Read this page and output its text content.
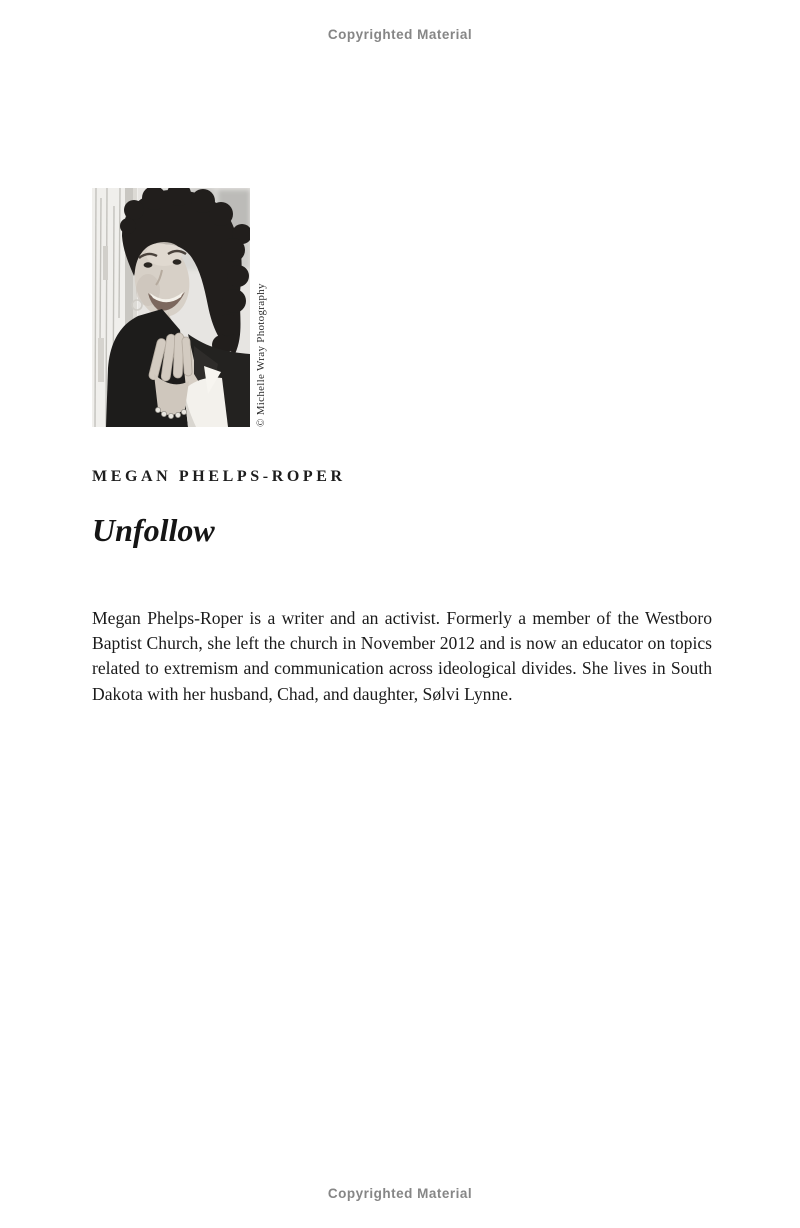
Copyrighted Material
© Michelle Wray Photography
MEGAN PHELPS-ROPER
Unfollow

Megan Phelps-Roper is a writer and an activist. Formerly a member of the Westboro Baptist Church, she left the church in November 2012 and is now an educator on topics related to extremism and communication across ideological divides. She lives in South Dakota with her husband, Chad, and daughter, Sølvi Lynne.

Copyrighted Material
